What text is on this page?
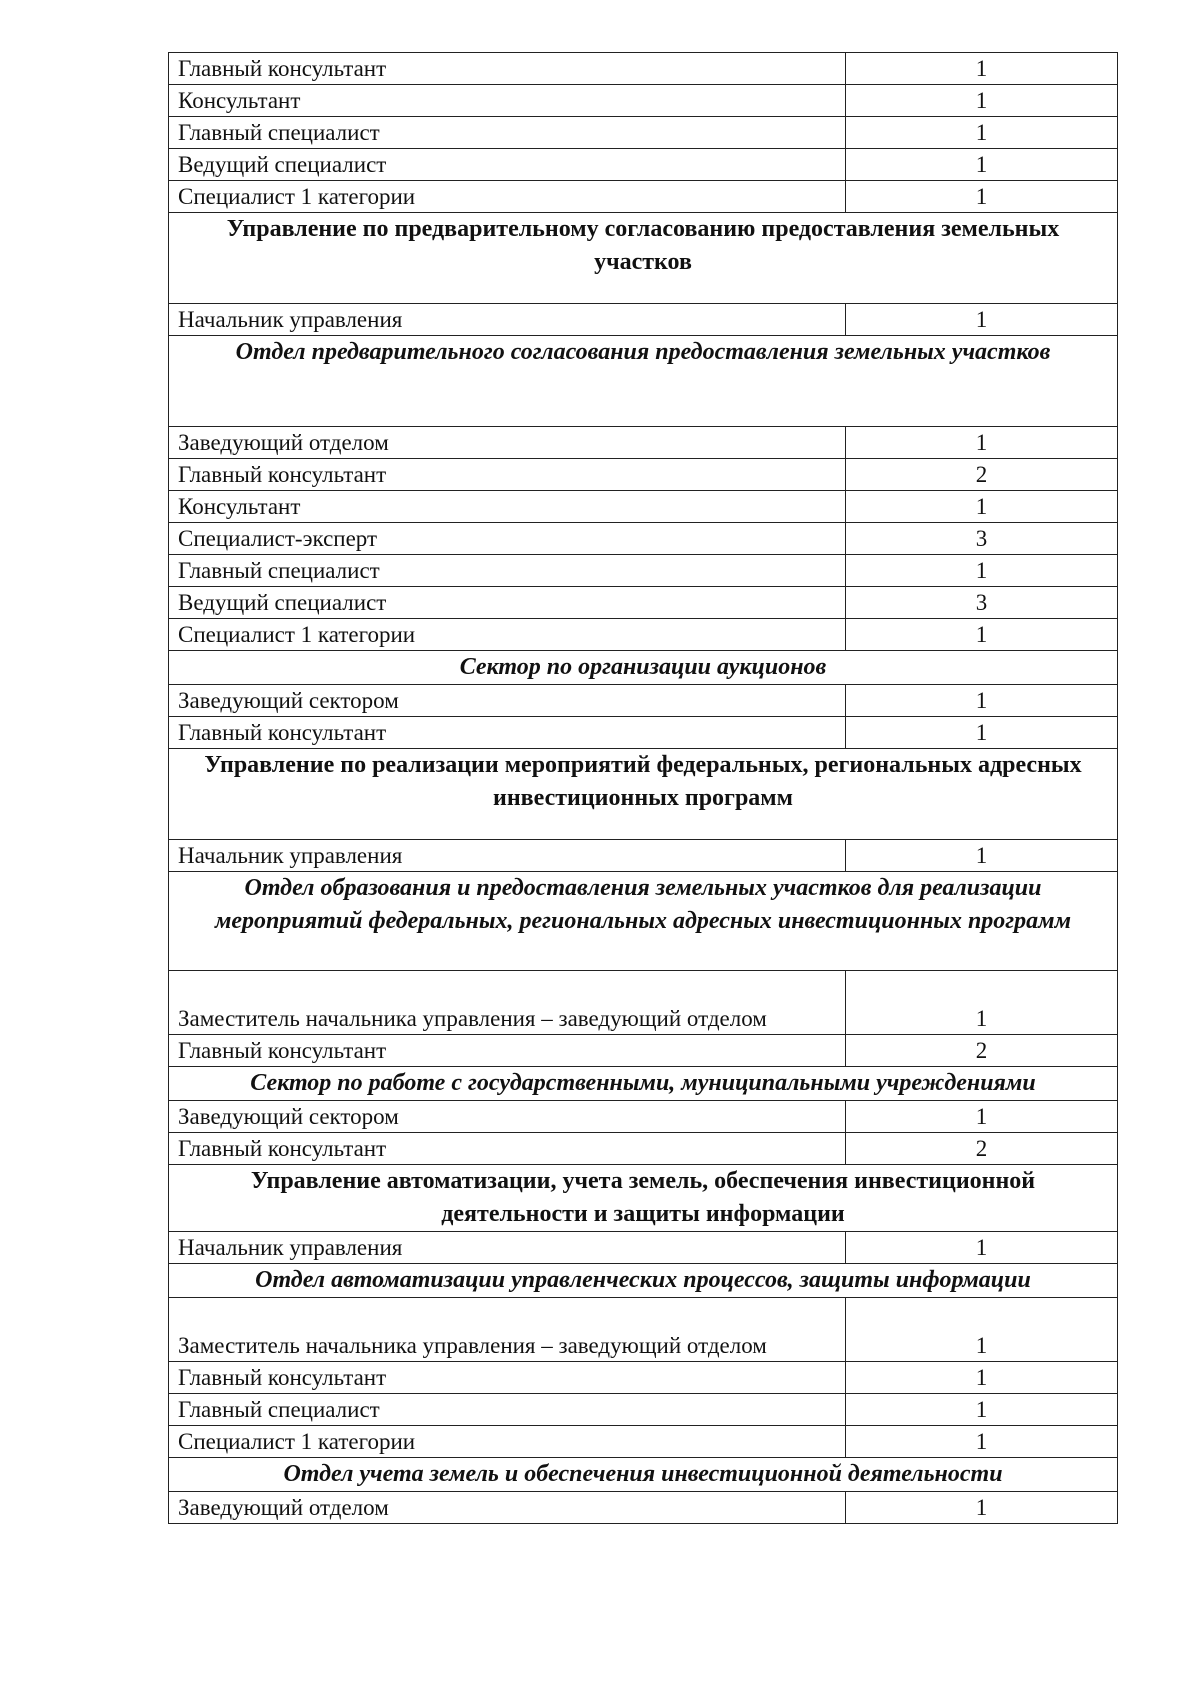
Главный консультант	1
Консультант	1
Главный специалист	1
Ведущий специалист	1
Специалист 1 категории	1
Управление по предварительному согласованию предоставления земельных участков	
Начальник управления	1
Отдел предварительного согласования предоставления земельных участков	
Заведующий отделом	1
Главный консультант	2
Консультант	1
Специалист-эксперт	3
Главный специалист	1
Ведущий специалист	3
Специалист 1 категории	1
Сектор по организации аукционов	
Заведующий сектором	1
Главный консультант	1
Управление по реализации мероприятий федеральных, региональных адресных инвестиционных программ	
Начальник управления	1
Отдел образования и предоставления земельных участков для реализации мероприятий федеральных, региональных адресных инвестиционных программ	
Заместитель начальника управления – заведующий отделом	1
Главный консультант	2
Сектор по работе с государственными, муниципальными учреждениями	
Заведующий сектором	1
Главный консультант	2
Управление автоматизации, учета земель, обеспечения инвестиционной деятельности и защиты информации	
Начальник управления	1
Отдел автоматизации управленческих процессов, защиты информации	
Заместитель начальника управления – заведующий отделом	1
Главный консультант	1
Главный специалист	1
Специалист 1 категории	1
Отдел учета земель и обеспечения инвестиционной деятельности	
Заведующий отделом	1
